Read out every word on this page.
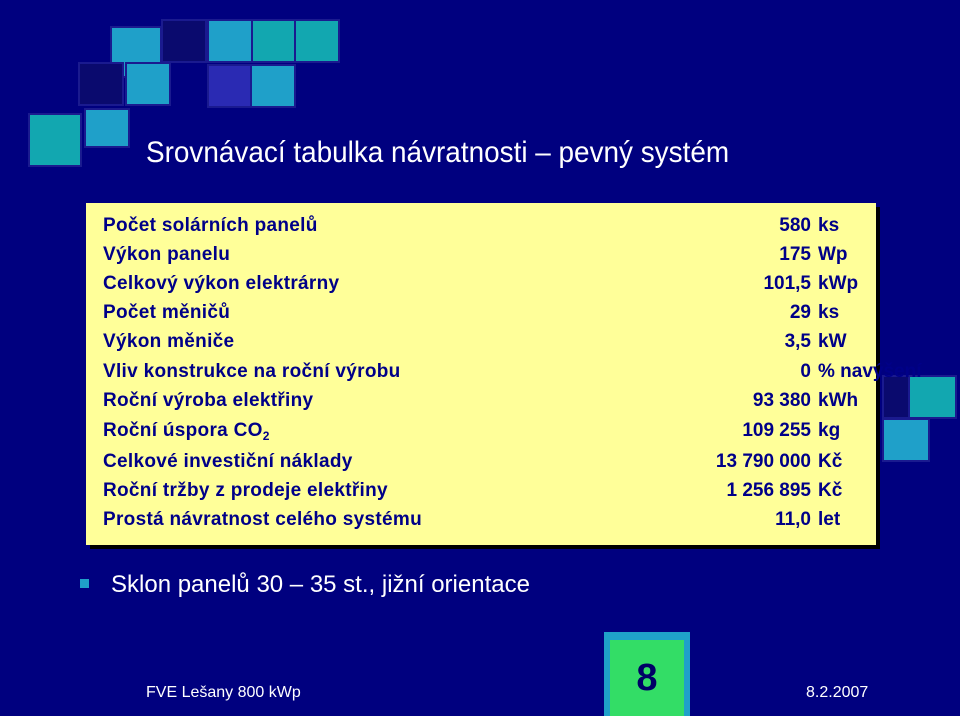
Srovnávací tabulka návratnosti – pevný systém
Počet solárních panelů	580 ks
Výkon panelu	175 Wp
Celkový výkon elektrárny	101,5 kWp
Počet měničů	29 ks
Výkon měniče	3,5 kW
Vliv konstrukce na roční výrobu	0 % navýšení
Roční výroba elektřiny	93 380 kWh
Roční úspora $CO_2$	109 255 kg
Celkové investiční náklady	13 790 000 Kč
Roční tržby z prodeje elektřiny	1 256 895 Kč
Prostá návratnost celého systému	11,0 let
Sklon panelů 30 – 35 st., jižní orientace
8
FVE Lešany 800 kWp	8.2.2007
